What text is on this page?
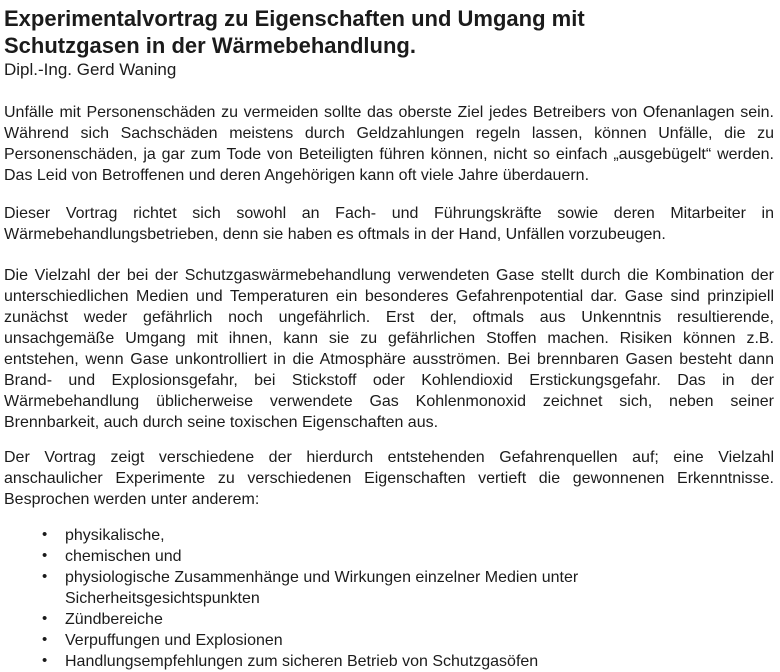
Experimentalvortrag zu Eigenschaften und Umgang mit
Schutzgasen in der Wärmebehandlung.
Dipl.-Ing. Gerd Waning

Unfälle mit Personenschäden zu vermeiden sollte das oberste Ziel jedes Betreibers von Ofenanlagen sein. Während sich Sachschäden meistens durch Geldzahlungen regeln lassen, können Unfälle, die zu Personenschäden, ja gar zum Tode von Beteiligten führen können, nicht so einfach „ausgebügelt“ werden. Das Leid von Betroffenen und deren Angehörigen kann oft viele Jahre überdauern.

Dieser Vortrag richtet sich sowohl an Fach- und Führungskräfte sowie deren Mitarbeiter in Wärmebehandlungsbetrieben, denn sie haben es oftmals in der Hand, Unfällen vorzubeugen.

Die Vielzahl der bei der Schutzgaswärmebehandlung verwendeten Gase stellt durch die Kombination der unterschiedlichen Medien und Temperaturen ein besonderes Gefahrenpotential dar. Gase sind prinzipiell zunächst weder gefährlich noch ungefährlich. Erst der, oftmals aus Unkenntnis resultierende, unsachgemäße Umgang mit ihnen, kann sie zu gefährlichen Stoffen machen. Risiken können z.B. entstehen, wenn Gase unkontrolliert in die Atmosphäre ausströmen. Bei brennbaren Gasen besteht dann Brand- und Explosionsgefahr, bei Stickstoff oder Kohlendioxid Erstickungsgefahr. Das in der Wärmebehandlung üblicherweise verwendete Gas Kohlenmonoxid zeichnet sich, neben seiner Brennbarkeit, auch durch seine toxischen Eigenschaften aus.

Der Vortrag zeigt verschiedene der hierdurch entstehenden Gefahrenquellen auf; eine Vielzahl anschaulicher Experimente zu verschiedenen Eigenschaften vertieft die gewonnenen Erkenntnisse. Besprochen werden unter anderem:

• physikalische,
• chemischen und
• physiologische Zusammenhänge und Wirkungen einzelner Medien unter Sicherheitsgesichtspunkten
• Zündbereiche
• Verpuffungen und Explosionen
• Handlungsempfehlungen zum sicheren Betrieb von Schutzgasöfen
